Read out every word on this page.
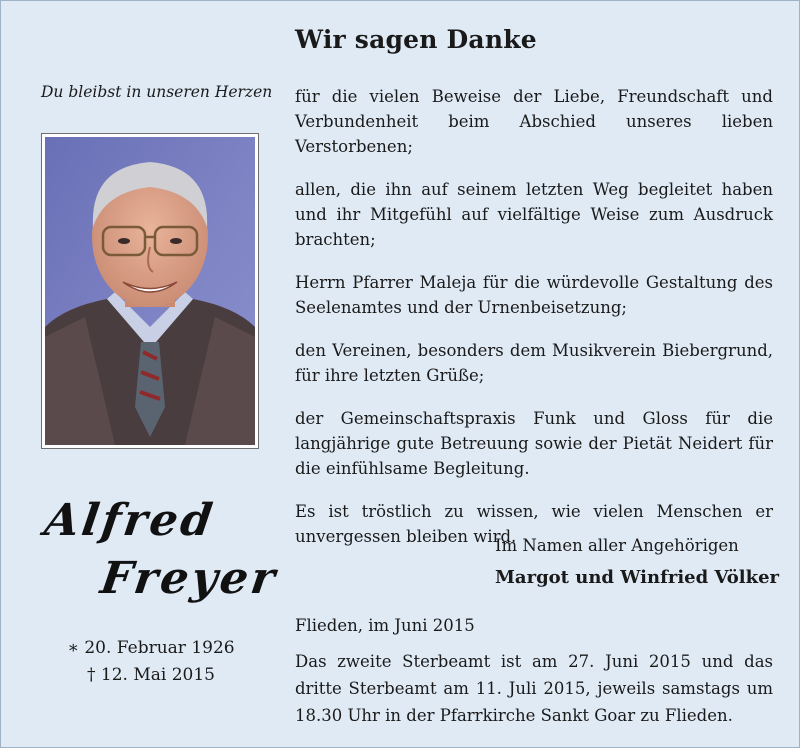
Wir sagen Danke
Du bleibst in unseren Herzen
Alfred
Freyer
∗ 20. Februar 1926
† 12. Mai 2015

für die vielen Beweise der Liebe, Freundschaft und Verbundenheit beim Abschied unseres lieben Verstorbenen;

allen, die ihn auf seinem letzten Weg begleitet haben und ihr Mitgefühl auf vielfältige Weise zum Ausdruck brachten;

Herrn Pfarrer Maleja für die würdevolle Gestaltung des Seelenamtes und der Urnenbeisetzung;

den Vereinen, besonders dem Musikverein Biebergrund, für ihre letzten Grüße;

der Gemeinschaftspraxis Funk und Gloss für die langjährige gute Betreuung sowie der Pietät Neidert für die einfühlsame Begleitung.

Es ist tröstlich zu wissen, wie vielen Menschen er unvergessen bleiben wird.

Im Namen aller Angehörigen
Margot und Winfried Völker
Flieden, im Juni 2015
Das zweite Sterbeamt ist am 27. Juni 2015 und das dritte Sterbeamt am 11. Juli 2015, jeweils samstags um 18.30 Uhr in der Pfarrkirche Sankt Goar zu Flieden.
